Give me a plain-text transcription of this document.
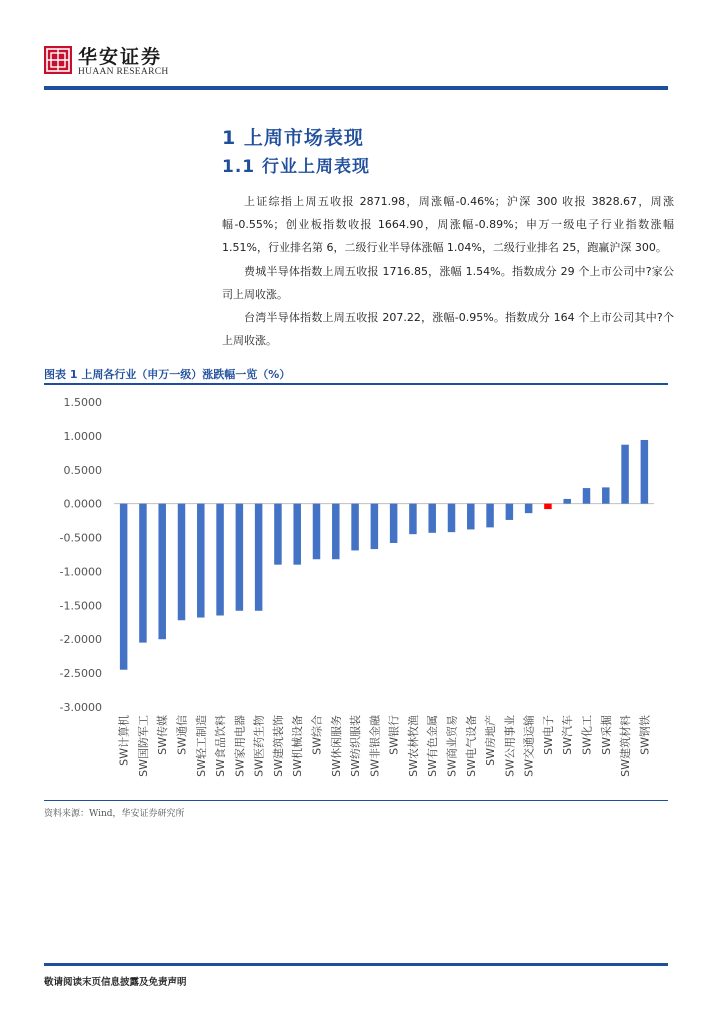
华安证券
HUAAN RESEARCH
1 上周市场表现
1.1 行业上周表现

上证综指上周五收报 2871.98，周涨幅-0.46%；沪深 300 收报 3828.67，周涨幅-0.55%；创业板指数收报 1664.90，周涨幅-0.89%；申万一级电子行业指数涨幅 1.51%，行业排名第 6，二级行业半导体涨幅 1.04%，二级行业排名 25，跑赢沪深 300。

费城半导体指数上周五收报 1716.85，涨幅 1.54%。指数成分 29 个上市公司中?家公司上周收涨。

台湾半导体指数上周五收报 207.22，涨幅-0.95%。指数成分 164 个上市公司其中?个上周收涨。

图表 1 上周各行业（申万一级）涨跌幅一览（%）
1.5000
1.0000
0.5000
0.0000
-0.5000
-1.0000
-1.5000
-2.0000
-2.5000
-3.0000
SW计算机 SW国防军工 SW传媒 SW通信 SW轻工制造 SW食品饮料 SW家用电器 SW医药生物 SW建筑装饰 SW机械设备 SW综合 SW休闲服务 SW纺织服装 SW非银金融 SW银行 SW农林牧渔 SW有色金属 SW商业贸易 SW电气设备 SW房地产 SW公用事业 SW交通运输 SW电子 SW汽车 SW化工 SW采掘 SW建筑材料 SW钢铁
资料来源：Wind，华安证券研究所
敬请阅读末页信息披露及免责声明
